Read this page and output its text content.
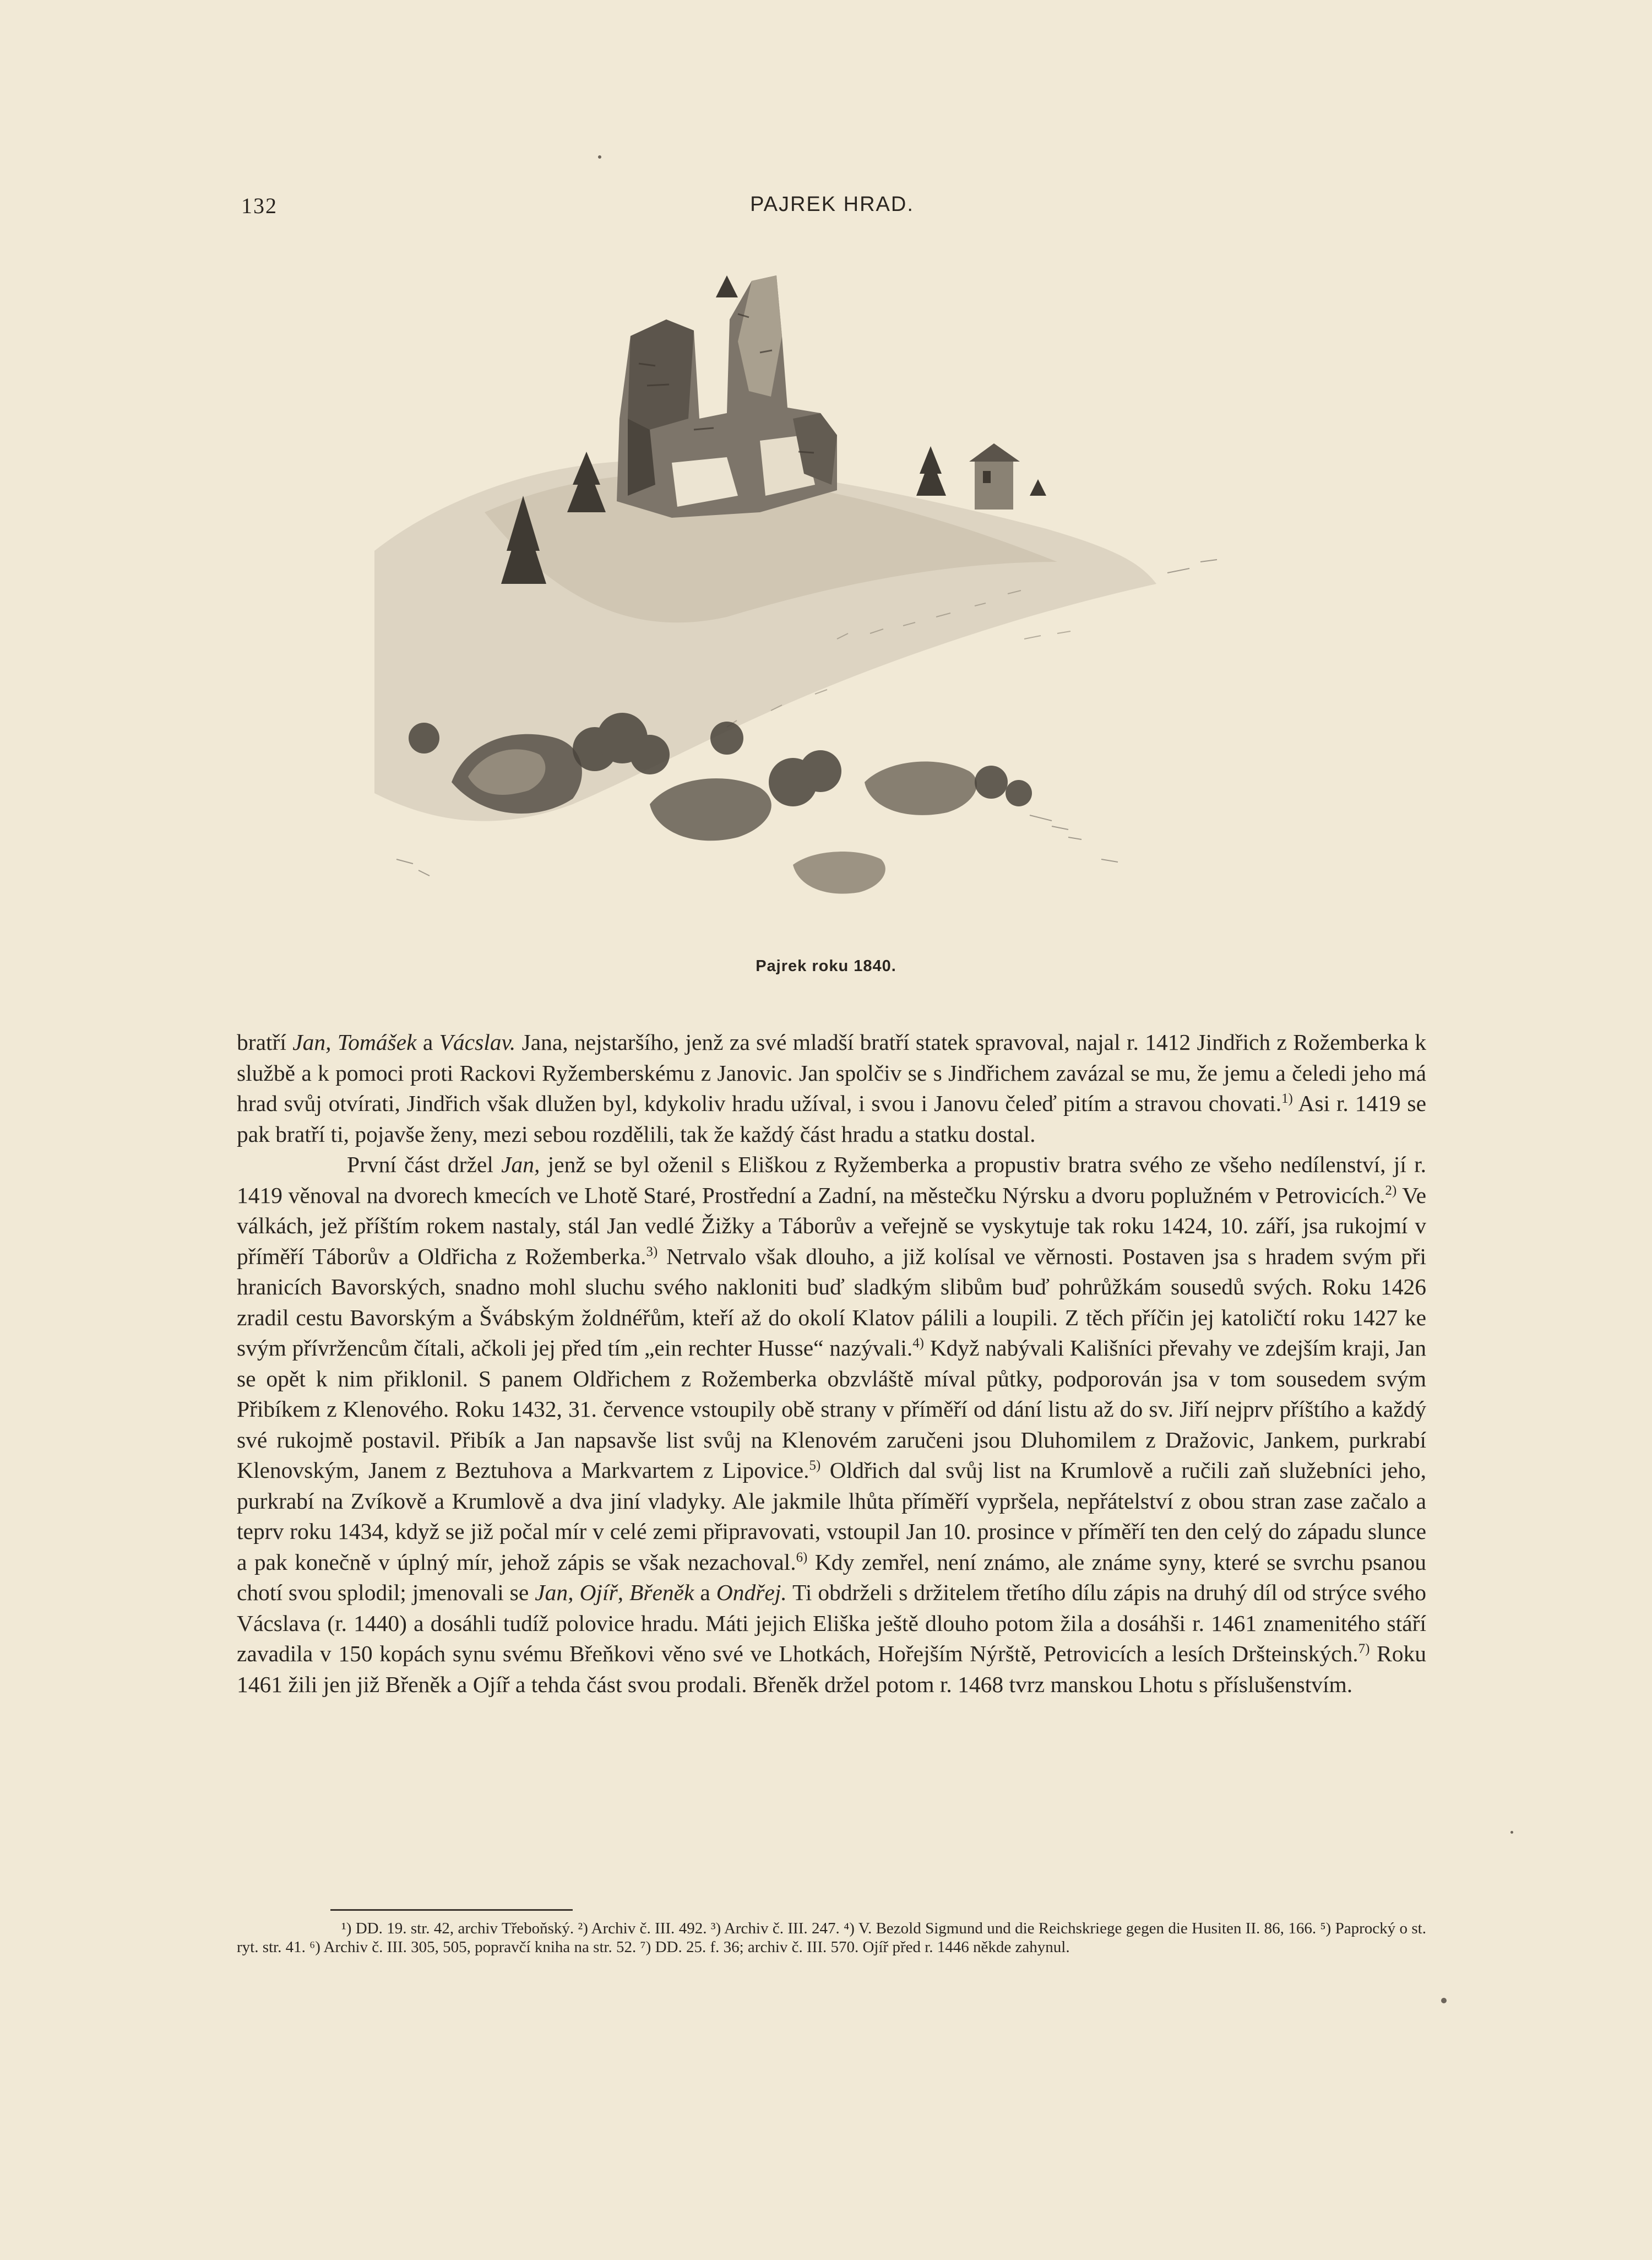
132	PAJREK HRAD.
Pajrek roku 1840.

bratří Jan, Tomášek a Vácslav. Jana, nejstaršího, jenž za své mladší bratří statek spravoval, najal r. 1412 Jindřich z Rožemberka k službě a k pomoci proti Rackovi Ryžemberskému z Janovic. Jan spolčiv se s Jindřichem zavázal se mu, že jemu a čeledi jeho má hrad svůj otvírati, Jindřich však dlužen byl, kdykoliv hradu užíval, i svou i Janovu čeleď pitím a stravou chovati.$^{1)}$ Asi r. 1419 se pak bratří ti, pojavše ženy, mezi sebou rozdělili, tak že každý část hradu a statku dostal.

První část držel Jan, jenž se byl oženil s Eliškou z Ryžemberka a propustiv bratra svého ze všeho nedílenství, jí r. 1419 věnoval na dvorech kmecích ve Lhotě Staré, Prostřední a Zadní, na městečku Nýrsku a dvoru poplužném v Petrovicích.$^{2)}$ Ve válkách, jež příštím rokem nastaly, stál Jan vedlé Žižky a Táborův a veřejně se vyskytuje tak roku 1424, 10. září, jsa rukojmí v příměří Táborův a Oldřicha z Rožemberka.$^{3)}$ Netrvalo však dlouho, a již kolísal ve věrnosti. Postaven jsa s hradem svým při hranicích Bavorských, snadno mohl sluchu svého nakloniti buď sladkým slibům buď pohrůžkám sousedů svých. Roku 1426 zradil cestu Bavorským a Švábským žoldnéřům, kteří až do okolí Klatov pálili a loupili. Z těch příčin jej katoličtí roku 1427 ke svým přívržencům čítali, ačkoli jej před tím „ein rechter Husse“ nazývali.$^{4)}$ Když nabývali Kališníci převahy ve zdejším kraji, Jan se opět k nim přiklonil. S panem Oldřichem z Rožemberka obzvláště míval půtky, podporován jsa v tom sousedem svým Přibíkem z Klenového. Roku 1432, 31. července vstoupily obě strany v příměří od dání listu až do sv. Jiří nejprv příštího a každý své rukojmě postavil. Přibík a Jan napsavše list svůj na Klenovém zaručeni jsou Dluhomilem z Dražovic, Jankem, purkrabí Klenovským, Janem z Beztuhova a Markvartem z Lipovice.$^{5)}$ Oldřich dal svůj list na Krumlově a ručili zaň služebníci jeho, purkrabí na Zvíkově a Krumlově a dva jiní vladyky. Ale jakmile lhůta příměří vypršela, nepřátelství z obou stran zase začalo a teprv roku 1434, když se již počal mír v celé zemi připravovati, vstoupil Jan 10. prosince v příměří ten den celý do západu slunce a pak konečně v úplný mír, jehož zápis se však nezachoval.$^{6)}$ Kdy zemřel, není známo, ale známe syny, které se svrchu psanou chotí svou splodil; jmenovali se Jan, Ojíř, Břeněk a Ondřej. Ti obdrželi s držitelem třetího dílu zápis na druhý díl od strýce svého Vácslava (r. 1440) a dosáhli tudíž polovice hradu. Máti jejich Eliška ještě dlouho potom žila a dosáhši r. 1461 znamenitého stáří zavadila v 150 kopách synu svému Břeňkovi věno své ve Lhotkách, Hořejším Nýrště, Petrovicích a lesích Dršteinských.$^{7)}$ Roku 1461 žili jen již Břeněk a Ojíř a tehda část svou prodali. Břeněk držel potom r. 1468 tvrz manskou Lhotu s příslušenstvím.

¹) DD. 19. str. 42, archiv Třeboňský. ²) Archiv č. III. 492. ³) Archiv č. III. 247. ⁴) V. Bezold Sigmund und die Reichskriege gegen die Husiten II. 86, 166. ⁵) Paprocký o st. ryt. str. 41. ⁶) Archiv č. III. 305, 505, popravčí kniha na str. 52. ⁷) DD. 25. f. 36; archiv č. III. 570. Ojíř před r. 1446 někde zahynul.
